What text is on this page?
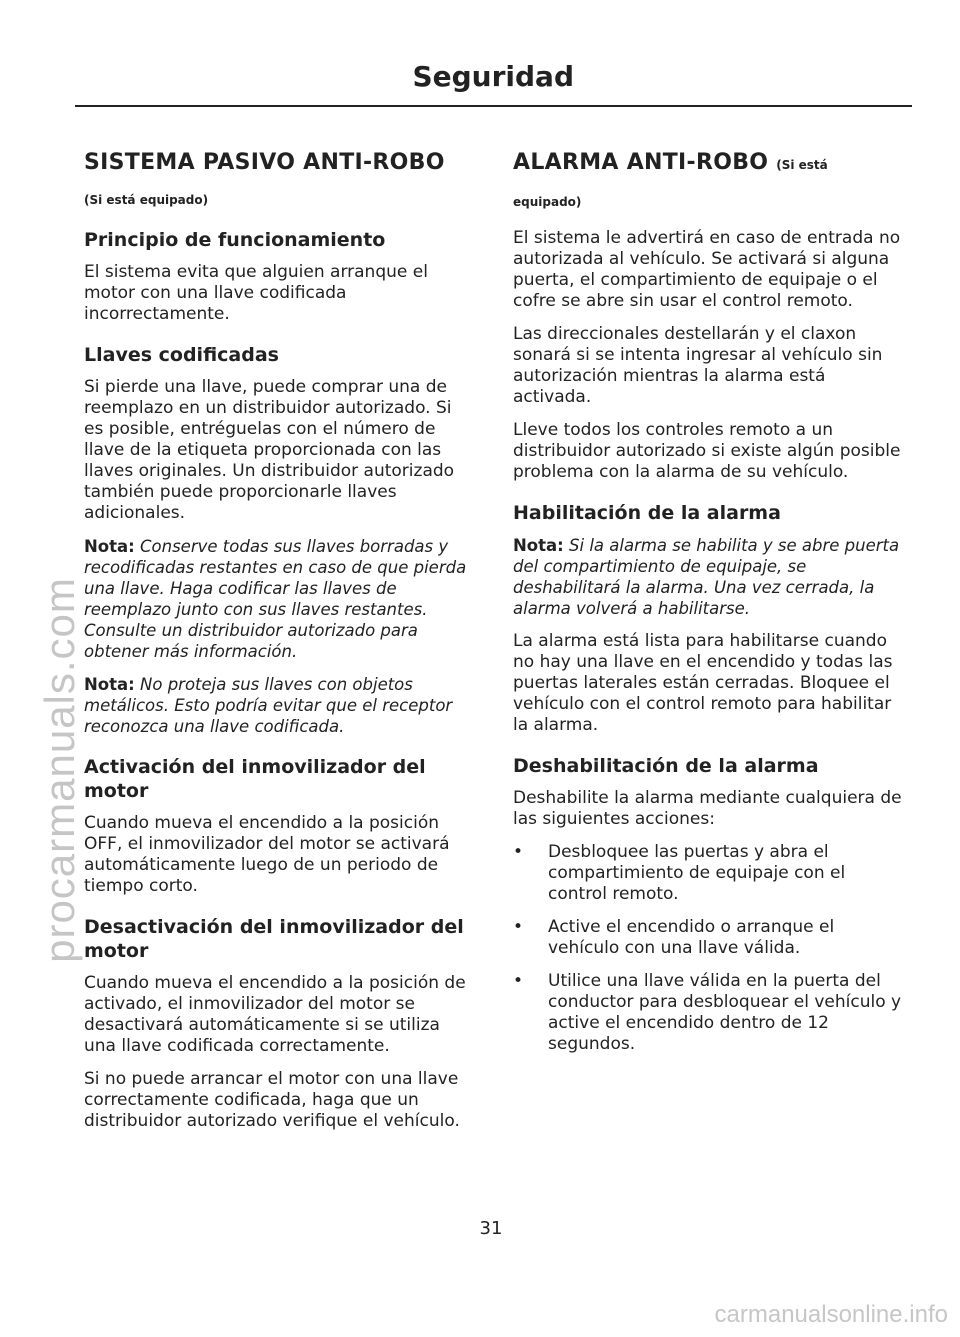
Seguridad
SISTEMA PASIVO ANTI-ROBO
(Si está equipado)
Principio de funcionamiento

El sistema evita que alguien arranque el motor con una llave codificada incorrectamente.

Llaves codificadas

Si pierde una llave, puede comprar una de reemplazo en un distribuidor autorizado. Si es posible, entréguelas con el número de llave de la etiqueta proporcionada con las llaves originales. Un distribuidor autorizado también puede proporcionarle llaves adicionales.

Nota: Conserve todas sus llaves borradas y recodificadas restantes en caso de que pierda una llave. Haga codificar las llaves de reemplazo junto con sus llaves restantes. Consulte un distribuidor autorizado para obtener más información.

Nota: No proteja sus llaves con objetos metálicos. Esto podría evitar que el receptor reconozca una llave codificada.

Activación del inmovilizador del motor

Cuando mueva el encendido a la posición OFF, el inmovilizador del motor se activará automáticamente luego de un periodo de tiempo corto.

Desactivación del inmovilizador del motor

Cuando mueva el encendido a la posición de activado, el inmovilizador del motor se desactivará automáticamente si se utiliza una llave codificada correctamente.

Si no puede arrancar el motor con una llave correctamente codificada, haga que un distribuidor autorizado verifique el vehículo.

ALARMA ANTI-ROBO (Si está
equipado)

El sistema le advertirá en caso de entrada no autorizada al vehículo. Se activará si alguna puerta, el compartimiento de equipaje o el cofre se abre sin usar el control remoto.

Las direccionales destellarán y el claxon sonará si se intenta ingresar al vehículo sin autorización mientras la alarma está activada.

Lleve todos los controles remoto a un distribuidor autorizado si existe algún posible problema con la alarma de su vehículo.

Habilitación de la alarma

Nota: Si la alarma se habilita y se abre puerta del compartimiento de equipaje, se deshabilitará la alarma. Una vez cerrada, la alarma volverá a habilitarse.

La alarma está lista para habilitarse cuando no hay una llave en el encendido y todas las puertas laterales están cerradas. Bloquee el vehículo con el control remoto para habilitar la alarma.

Deshabilitación de la alarma

Deshabilite la alarma mediante cualquiera de las siguientes acciones:

• Desbloquee las puertas y abra el compartimiento de equipaje con el control remoto.
• Active el encendido o arranque el vehículo con una llave válida.
• Utilice una llave válida en la puerta del conductor para desbloquear el vehículo y active el encendido dentro de 12 segundos.
31
procarmanuals.com
carmanualsonline.info
